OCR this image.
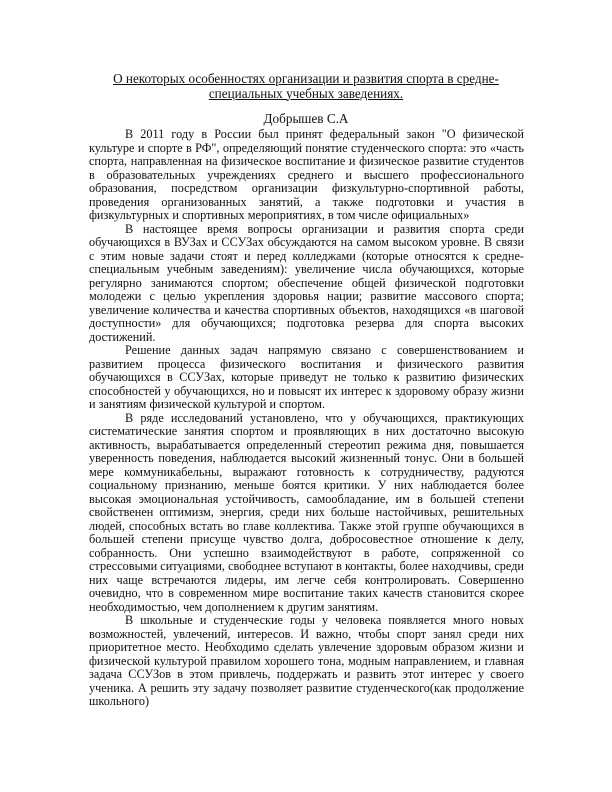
О некоторых особенностях организации и развития спорта в средне-специальных учебных заведениях.
Добрышев С.А

В 2011 году в России был принят федеральный закон "О физической культуре и спорте в РФ", определяющий понятие студенческого спорта: это «часть спорта, направленная на физическое воспитание и физическое развитие студентов в образовательных учреждениях среднего и высшего профессионального образования, посредством организации физкультурно-спортивной работы, проведения организованных занятий, а также подготовки и участия в физкультурных и спортивных мероприятиях, в том числе официальных»

В настоящее время вопросы организации и развития спорта среди обучающихся в ВУЗах и ССУЗах обсуждаются на самом высоком уровне. В связи с этим новые задачи стоят и перед колледжами (которые относятся к средне-специальным учебным заведениям): увеличение числа обучающихся, которые регулярно занимаются спортом; обеспечение общей физической подготовки молодежи с целью укрепления здоровья нации; развитие массового спорта; увеличение количества и качества спортивных объектов, находящихся «в шаговой доступности» для обучающихся; подготовка резерва для спорта высоких достижений.

Решение данных задач напрямую связано с совершенствованием и развитием процесса физического воспитания и физического развития обучающихся в ССУЗах, которые приведут не только к развитию физических способностей у обучающихся, но и повысят их интерес к здоровому образу жизни и занятиям физической культурой и спортом.

В ряде исследований установлено, что у обучающихся, практикующих систематические занятия спортом и проявляющих в них достаточно высокую активность, вырабатывается определенный стереотип режима дня, повышается уверенность поведения, наблюдается высокий жизненный тонус. Они в большей мере коммуникабельны, выражают готовность к сотрудничеству, радуются социальному признанию, меньше боятся критики. У них наблюдается более высокая эмоциональная устойчивость, самообладание, им в большей степени свойственен оптимизм, энергия, среди них больше настойчивых, решительных людей, способных встать во главе коллектива. Также этой группе обучающихся в большей степени присуще чувство долга, добросовестное отношение к делу, собранность. Они успешно взаимодействуют в работе, сопряженной со стрессовыми ситуациями, свободнее вступают в контакты, более находчивы, среди них чаще встречаются лидеры, им легче себя контролировать. Совершенно очевидно, что в современном мире воспитание таких качеств становится скорее необходимостью, чем дополнением к другим занятиям.

В школьные и студенческие годы у человека появляется много новых возможностей, увлечений, интересов. И важно, чтобы спорт занял среди них приоритетное место. Необходимо сделать увлечение здоровым образом жизни и физической культурой правилом хорошего тона, модным направлением, и главная задача ССУЗов в этом привлечь, поддержать и развить этот интерес у своего ученика. А решить эту задачу позволяет развитие студенческого(как продолжение школьного)
